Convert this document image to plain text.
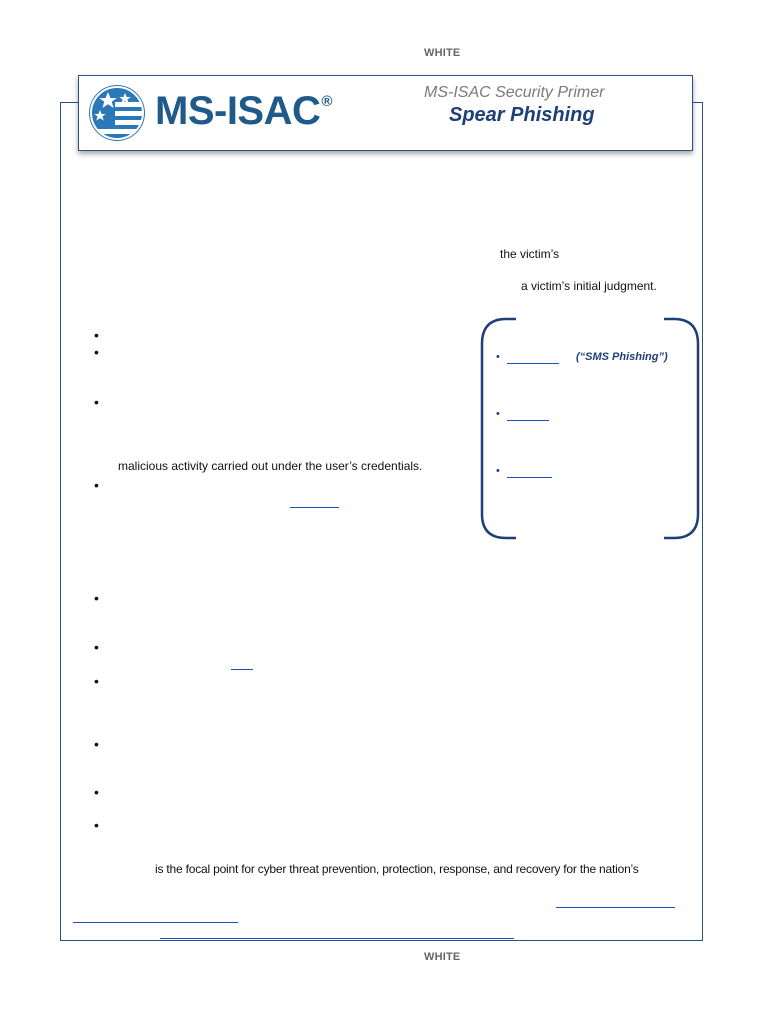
WHITE
MS-ISAC®
MS-ISAC Security Primer
Spear Phishing
the victim’s
a victim’s initial judgment.
malicious activity carried out under the user’s credentials.
•
•
•
•
•	(“SMS Phishing”)
•
•
•
•
•
•
•
•
is the focal point for cyber threat prevention, protection, response, and recovery for the nation’s
WHITE
